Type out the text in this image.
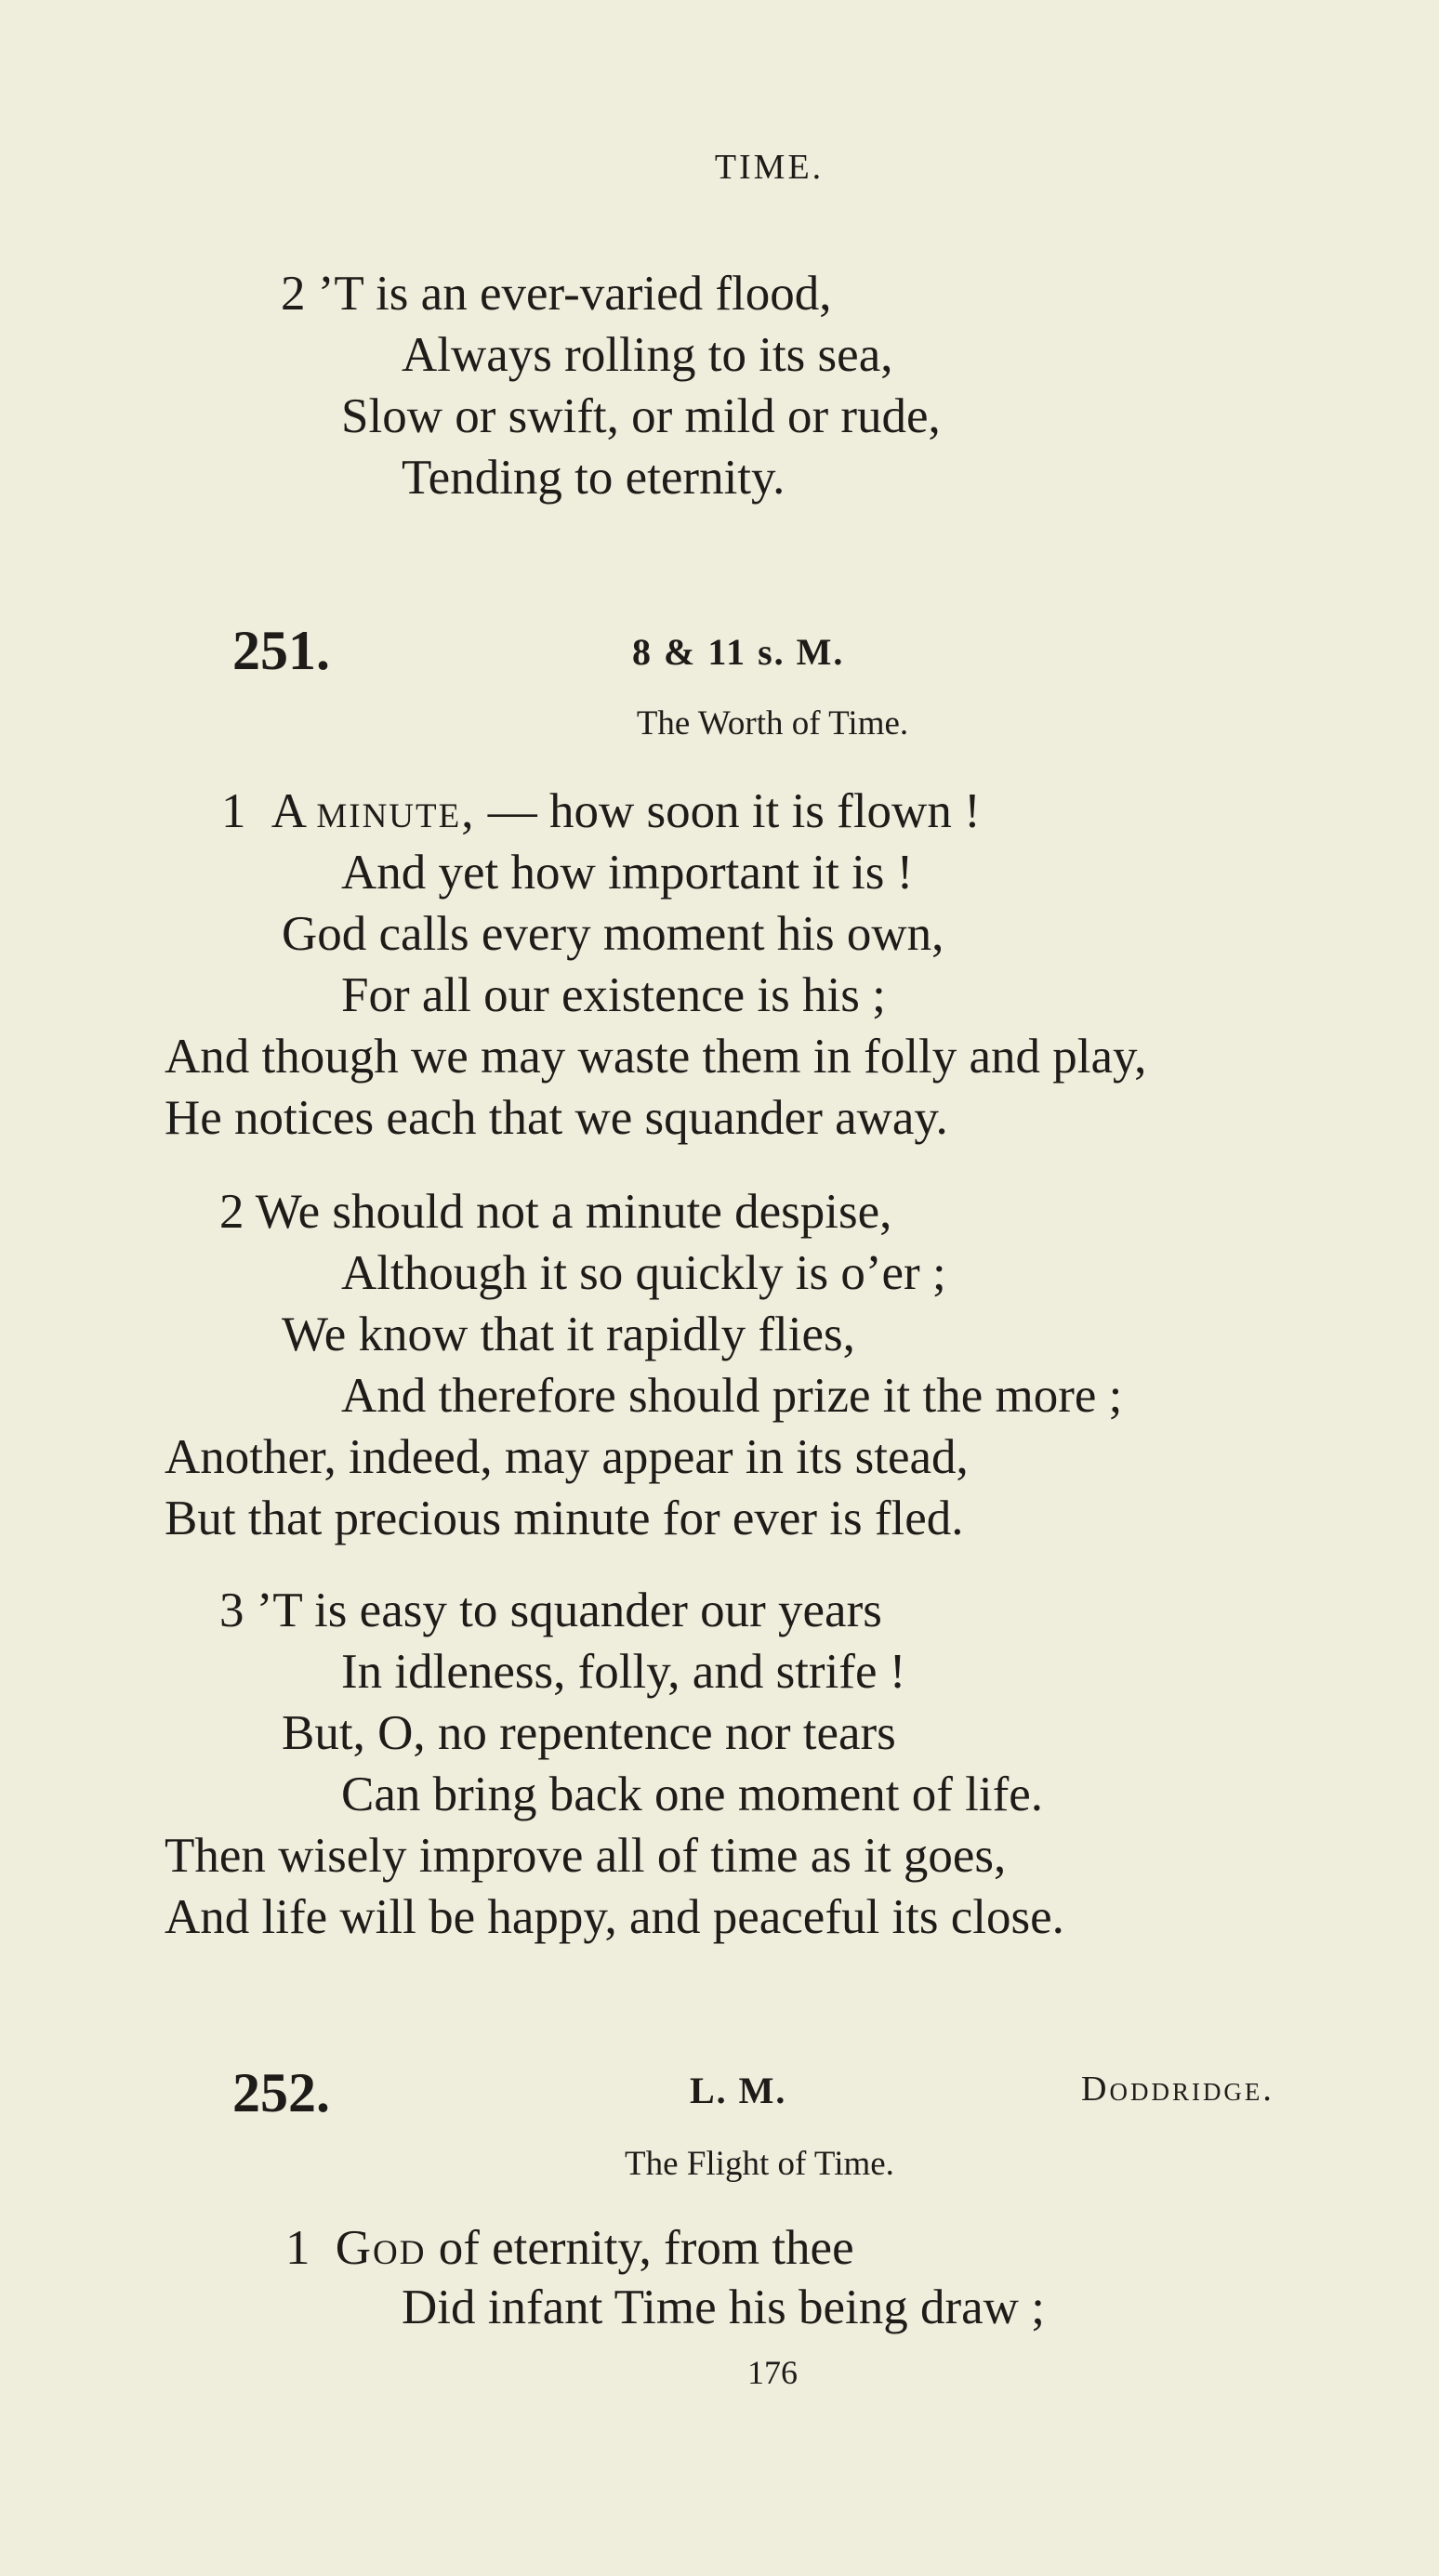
TIME.
2 ’T is an ever-varied flood,
Always rolling to its sea,
Slow or swift, or mild or rude,
Tending to eternity.
251.	8 & 11 s. M.
The Worth of Time.
1 A minute, — how soon it is flown !
And yet how important it is !
God calls every moment his own,
For all our existence is his ;
And though we may waste them in folly and play,
He notices each that we squander away.
2 We should not a minute despise,
Although it so quickly is o’er ;
We know that it rapidly flies,
And therefore should prize it the more ;
Another, indeed, may appear in its stead,
But that precious minute for ever is fled.
3 ’T is easy to squander our years
In idleness, folly, and strife !
But, O, no repentence nor tears
Can bring back one moment of life.
Then wisely improve all of time as it goes,
And life will be happy, and peaceful its close.
252.	L. M.	Doddridge.
The Flight of Time.
1 God of eternity, from thee
Did infant Time his being draw ;
176
